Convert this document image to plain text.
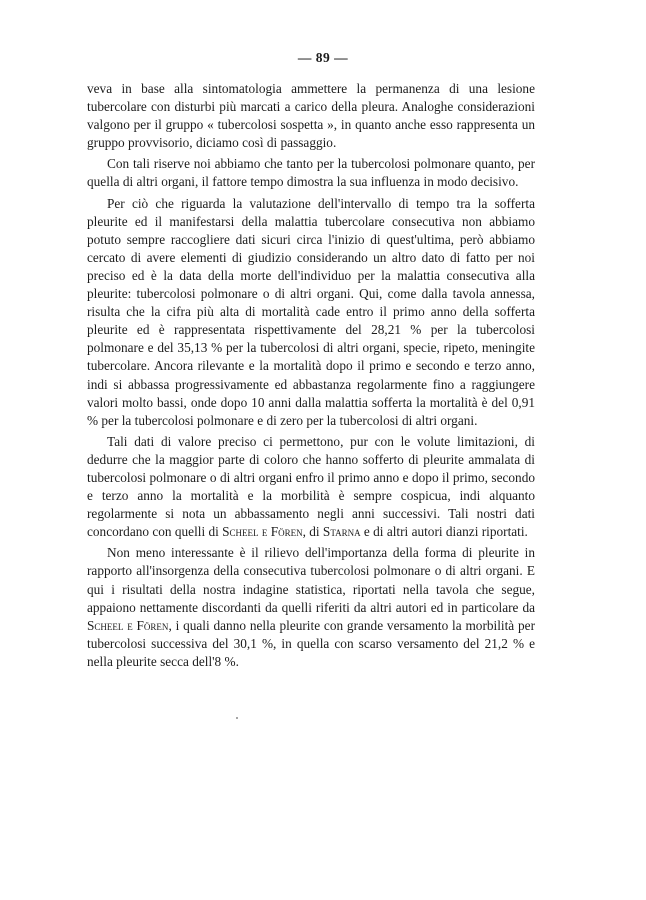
— 89 —

veva in base alla sintomatologia ammettere la permanenza di una lesione tubercolare con disturbi più marcati a carico della pleura. Analoghe considerazioni valgono per il gruppo « tubercolosi sospetta », in quanto anche esso rappresenta un gruppo provvisorio, diciamo così di passaggio.

Con tali riserve noi abbiamo che tanto per la tubercolosi polmonare quanto, per quella di altri organi, il fattore tempo dimostra la sua influenza in modo decisivo.

Per ciò che riguarda la valutazione dell'intervallo di tempo tra la sofferta pleurite ed il manifestarsi della malattia tubercolare consecutiva non abbiamo potuto sempre raccogliere dati sicuri circa l'inizio di quest'ultima, però abbiamo cercato di avere elementi di giudizio considerando un altro dato di fatto per noi preciso ed è la data della morte dell'individuo per la malattia consecutiva alla pleurite: tubercolosi polmonare o di altri organi. Qui, come dalla tavola annessa, risulta che la cifra più alta di mortalità cade entro il primo anno della sofferta pleurite ed è rappresentata rispettivamente del 28,21 % per la tubercolosi polmonare e del 35,13 % per la tubercolosi di altri organi, specie, ripeto, meningite tubercolare. Ancora rilevante e la mortalità dopo il primo e secondo e terzo anno, indi si abbassa progressivamente ed abbastanza regolarmente fino a raggiungere valori molto bassi, onde dopo 10 anni dalla malattia sofferta la mortalità è del 0,91 % per la tubercolosi polmonare e di zero per la tubercolosi di altri organi.

Tali dati di valore preciso ci permettono, pur con le volute limitazioni, di dedurre che la maggior parte di coloro che hanno sofferto di pleurite ammalata di tubercolosi polmonare o di altri organi enfro il primo anno e dopo il primo, secondo e terzo anno la mortalità e la morbilità è sempre cospicua, indi alquanto regolarmente si nota un abbassamento negli anni successivi. Tali nostri dati concordano con quelli di Scheel e Fören, di Starna e di altri autori dianzi riportati.

Non meno interessante è il rilievo dell'importanza della forma di pleurite in rapporto all'insorgenza della consecutiva tubercolosi polmonare o di altri organi. E qui i risultati della nostra indagine statistica, riportati nella tavola che segue, appaiono nettamente discordanti da quelli riferiti da altri autori ed in particolare da Scheel e Fören, i quali danno nella pleurite con grande versamento la morbilità per tubercolosi successiva del 30,1 %, in quella con scarso versamento del 21,2 % e nella pleurite secca dell'8 %.
